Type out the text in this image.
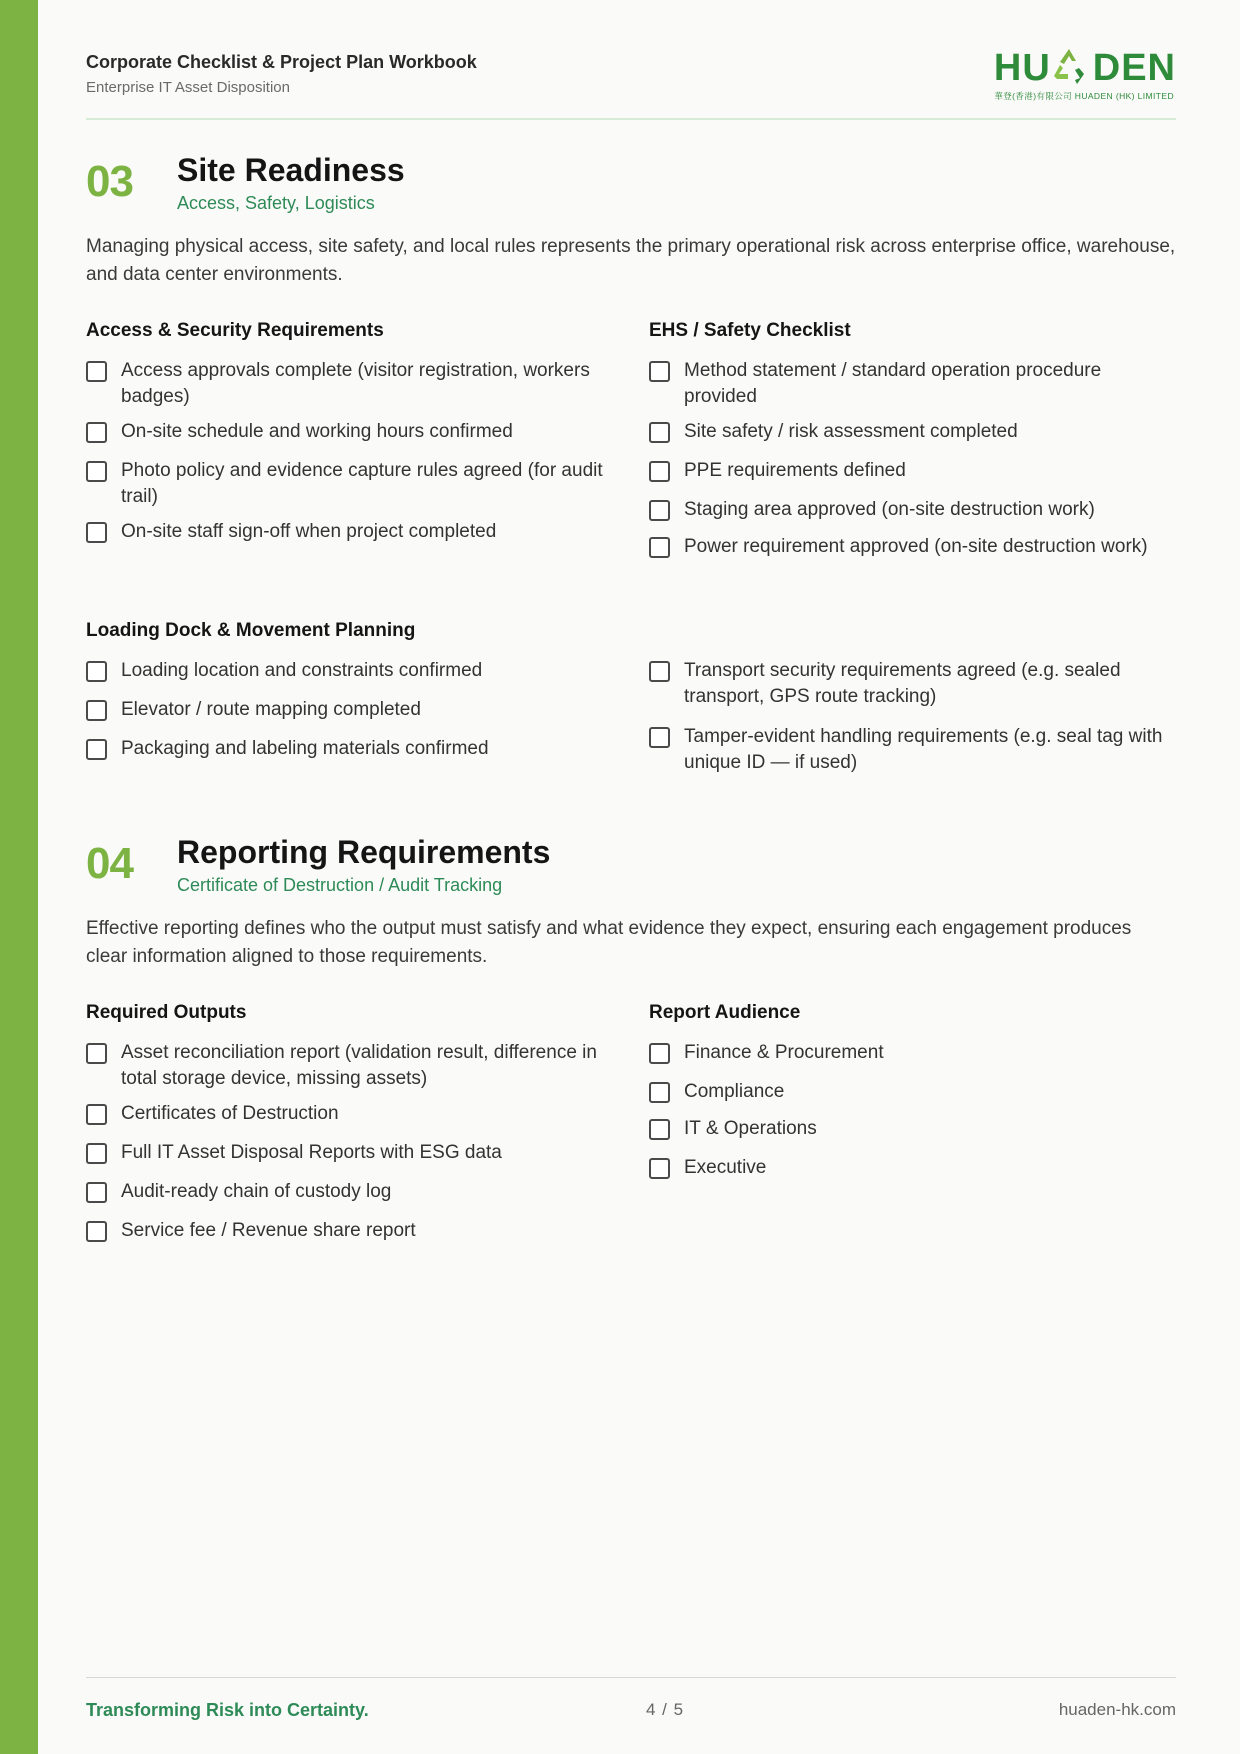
Corporate Checklist & Project Plan Workbook
Enterprise IT Asset Disposition	HU DEN
華登(香港)有限公司 HUADEN (HK) LIMITED
03 Site Readiness
Access, Safety, Logistics
Managing physical access, site safety, and local rules represents the primary operational risk across enterprise office, warehouse, and data center environments.
Access & Security Requirements
Access approvals complete (visitor registration, workers badges)
On-site schedule and working hours confirmed
Photo policy and evidence capture rules agreed (for audit trail)
On-site staff sign-off when project completed
EHS / Safety Checklist
Method statement / standard operation procedure provided
Site safety / risk assessment completed
PPE requirements defined
Staging area approved (on-site destruction work)
Power requirement approved (on-site destruction work)
Loading Dock & Movement Planning
Loading location and constraints confirmed
Elevator / route mapping completed
Packaging and labeling materials confirmed
Transport security requirements agreed (e.g. sealed transport, GPS route tracking)
Tamper-evident handling requirements (e.g. seal tag with unique ID — if used)
04 Reporting Requirements
Certificate of Destruction / Audit Tracking
Effective reporting defines who the output must satisfy and what evidence they expect, ensuring each engagement produces clear information aligned to those requirements.
Required Outputs
Asset reconciliation report (validation result, difference in total storage device, missing assets)
Certificates of Destruction
Full IT Asset Disposal Reports with ESG data
Audit-ready chain of custody log
Service fee / Revenue share report
Report Audience
Finance & Procurement
Compliance
IT & Operations
Executive
Transforming Risk into Certainty.	4 / 5	huaden-hk.com
